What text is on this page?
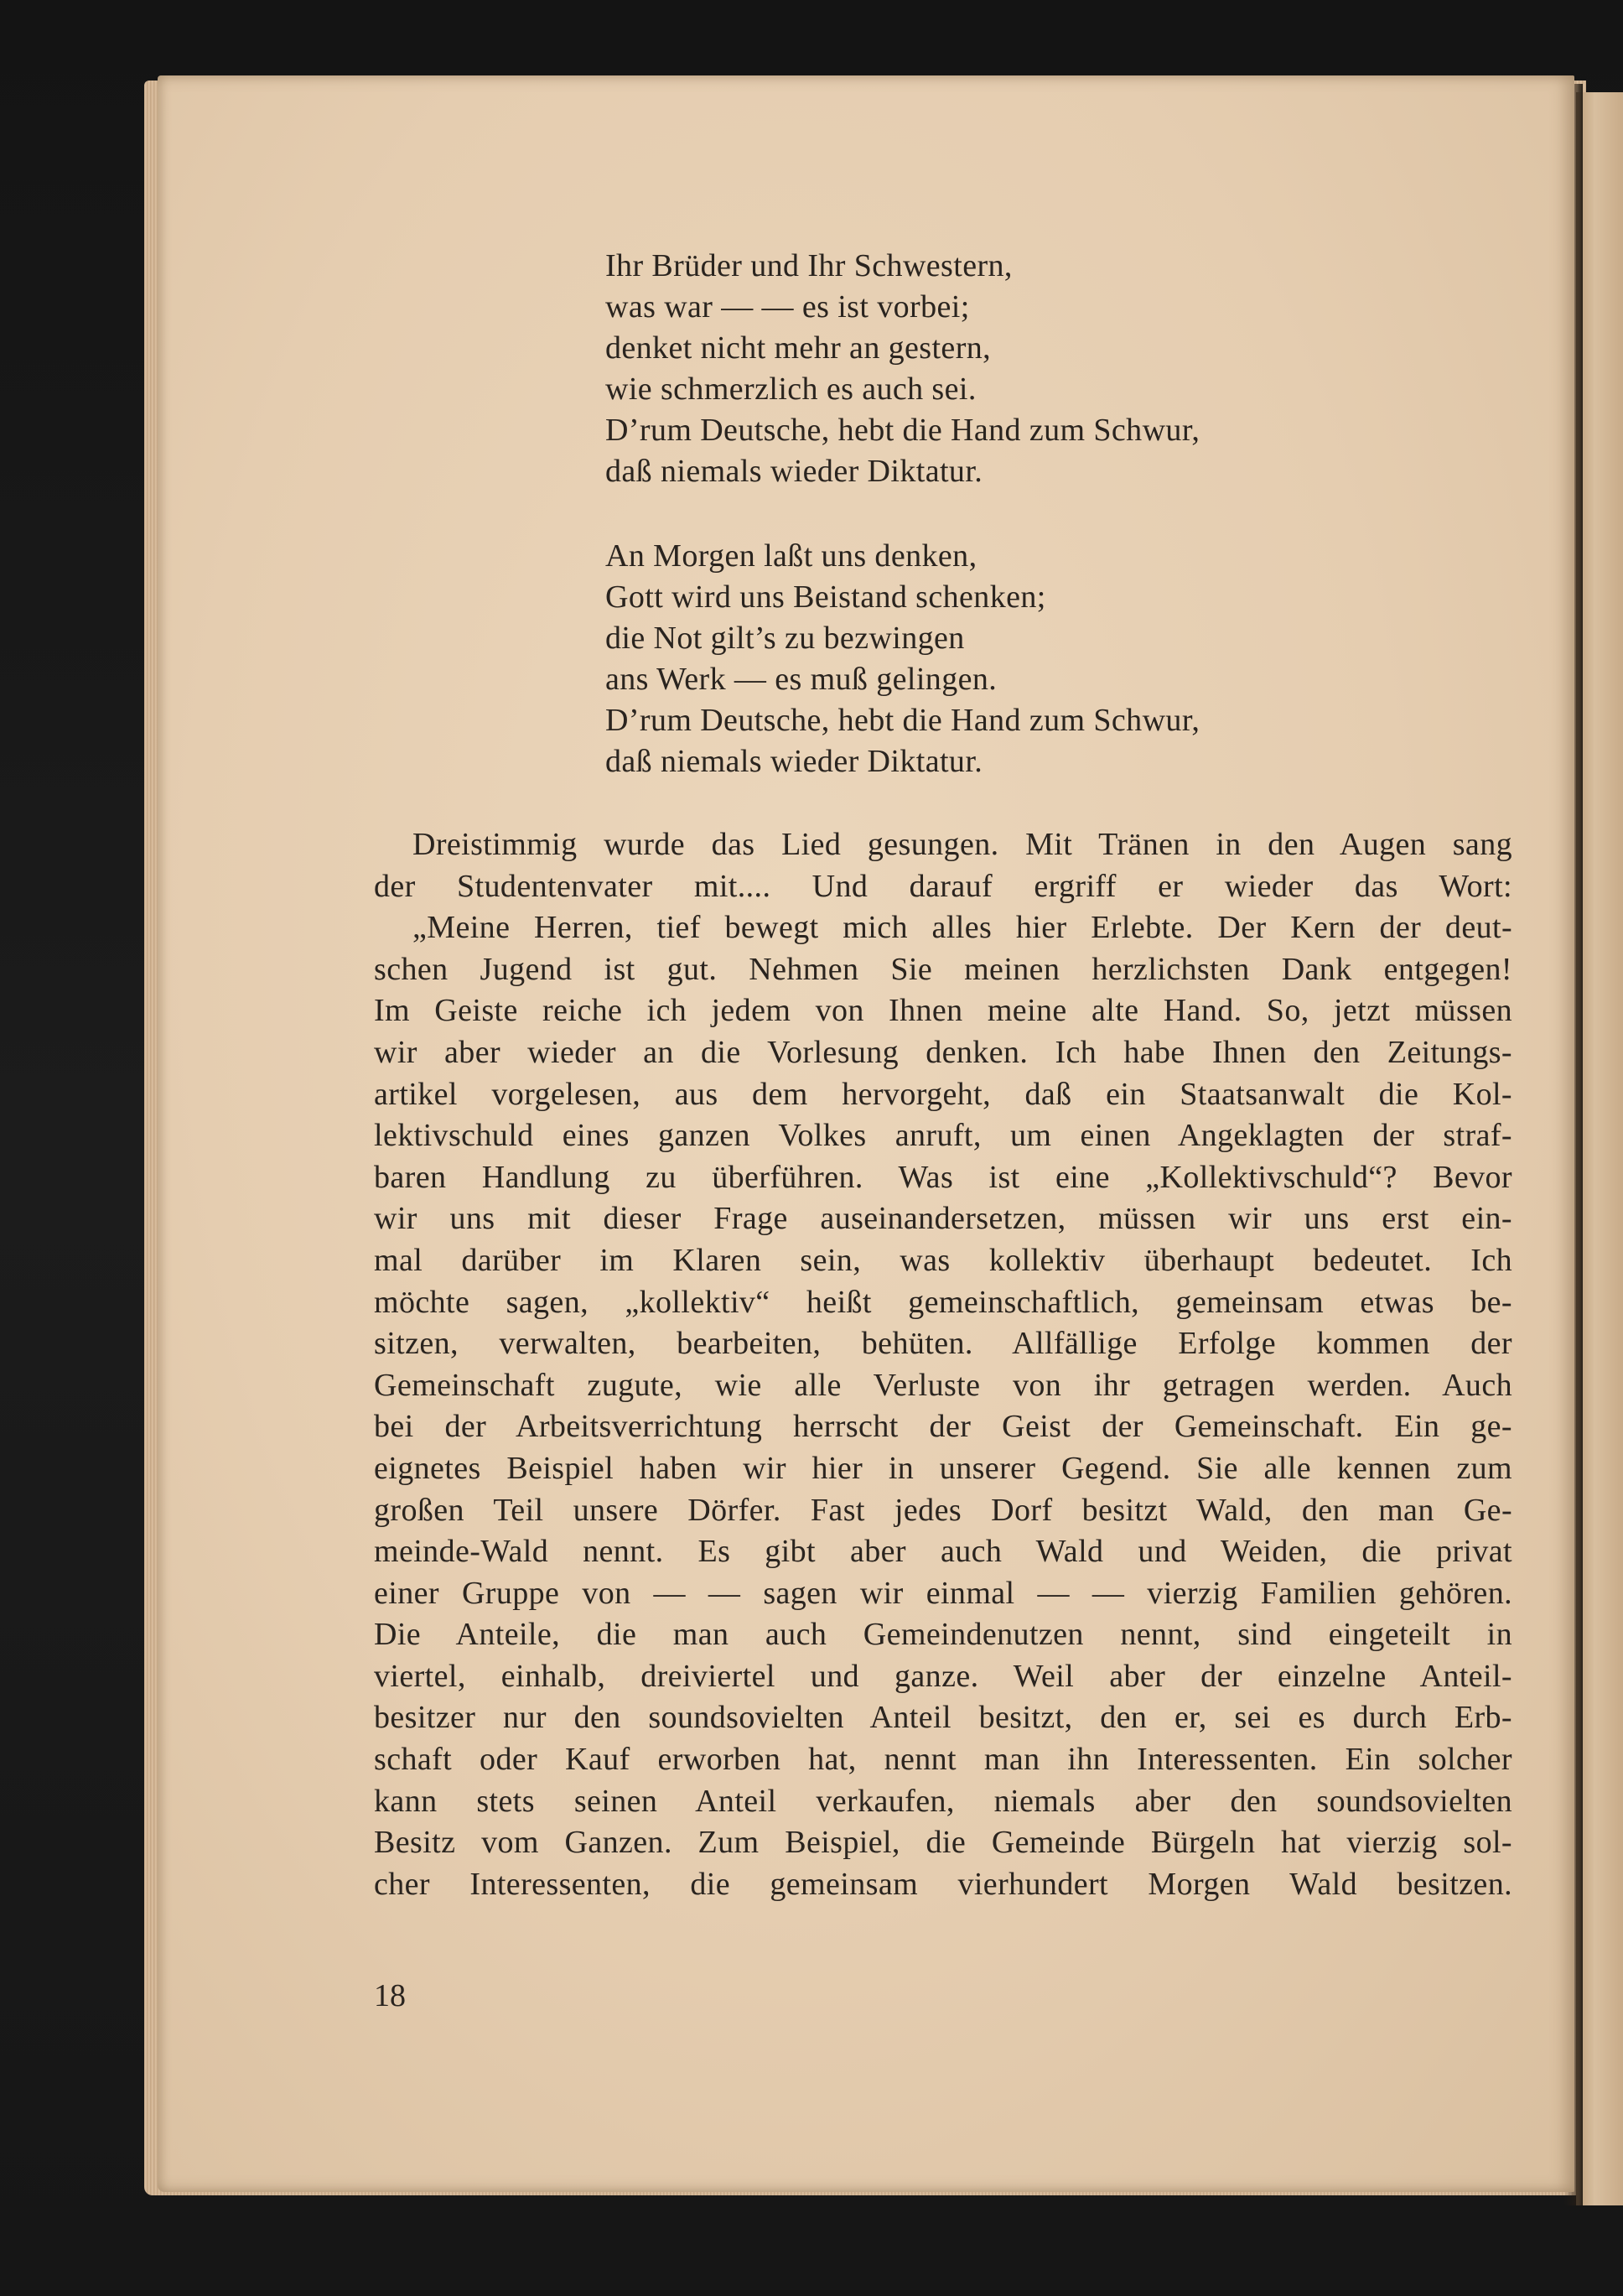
Ihr Brüder und Ihr Schwestern,
was war — — es ist vorbei;
denket nicht mehr an gestern,
wie schmerzlich es auch sei.
D’rum Deutsche, hebt die Hand zum Schwur,
daß niemals wieder Diktatur.
An Morgen laßt uns denken,
Gott wird uns Beistand schenken;
die Not gilt’s zu bezwingen
ans Werk — es muß gelingen.
D’rum Deutsche, hebt die Hand zum Schwur,
daß niemals wieder Diktatur.
Dreistimmig wurde das Lied gesungen. Mit Tränen in den Augen sang
der Studentenvater mit.... Und darauf ergriff er wieder das Wort:
„Meine Herren, tief bewegt mich alles hier Erlebte. Der Kern der deut-
schen Jugend ist gut. Nehmen Sie meinen herzlichsten Dank entgegen!
Im Geiste reiche ich jedem von Ihnen meine alte Hand. So, jetzt müssen
wir aber wieder an die Vorlesung denken. Ich habe Ihnen den Zeitungs-
artikel vorgelesen, aus dem hervorgeht, daß ein Staatsanwalt die Kol-
lektivschuld eines ganzen Volkes anruft, um einen Angeklagten der straf-
baren Handlung zu überführen. Was ist eine „Kollektivschuld“? Bevor
wir uns mit dieser Frage auseinandersetzen, müssen wir uns erst ein-
mal darüber im Klaren sein, was kollektiv überhaupt bedeutet. Ich
möchte sagen, „kollektiv“ heißt gemeinschaftlich, gemeinsam etwas be-
sitzen, verwalten, bearbeiten, behüten. Allfällige Erfolge kommen der
Gemeinschaft zugute, wie alle Verluste von ihr getragen werden. Auch
bei der Arbeitsverrichtung herrscht der Geist der Gemeinschaft. Ein ge-
eignetes Beispiel haben wir hier in unserer Gegend. Sie alle kennen zum
großen Teil unsere Dörfer. Fast jedes Dorf besitzt Wald, den man Ge-
meinde-Wald nennt. Es gibt aber auch Wald und Weiden, die privat
einer Gruppe von — — sagen wir einmal — — vierzig Familien gehören.
Die Anteile, die man auch Gemeindenutzen nennt, sind eingeteilt in
viertel, einhalb, dreiviertel und ganze. Weil aber der einzelne Anteil-
besitzer nur den soundsovielten Anteil besitzt, den er, sei es durch Erb-
schaft oder Kauf erworben hat, nennt man ihn Interessenten. Ein solcher
kann stets seinen Anteil verkaufen, niemals aber den soundsovielten
Besitz vom Ganzen. Zum Beispiel, die Gemeinde Bürgeln hat vierzig sol-
cher Interessenten, die gemeinsam vierhundert Morgen Wald besitzen.
18
